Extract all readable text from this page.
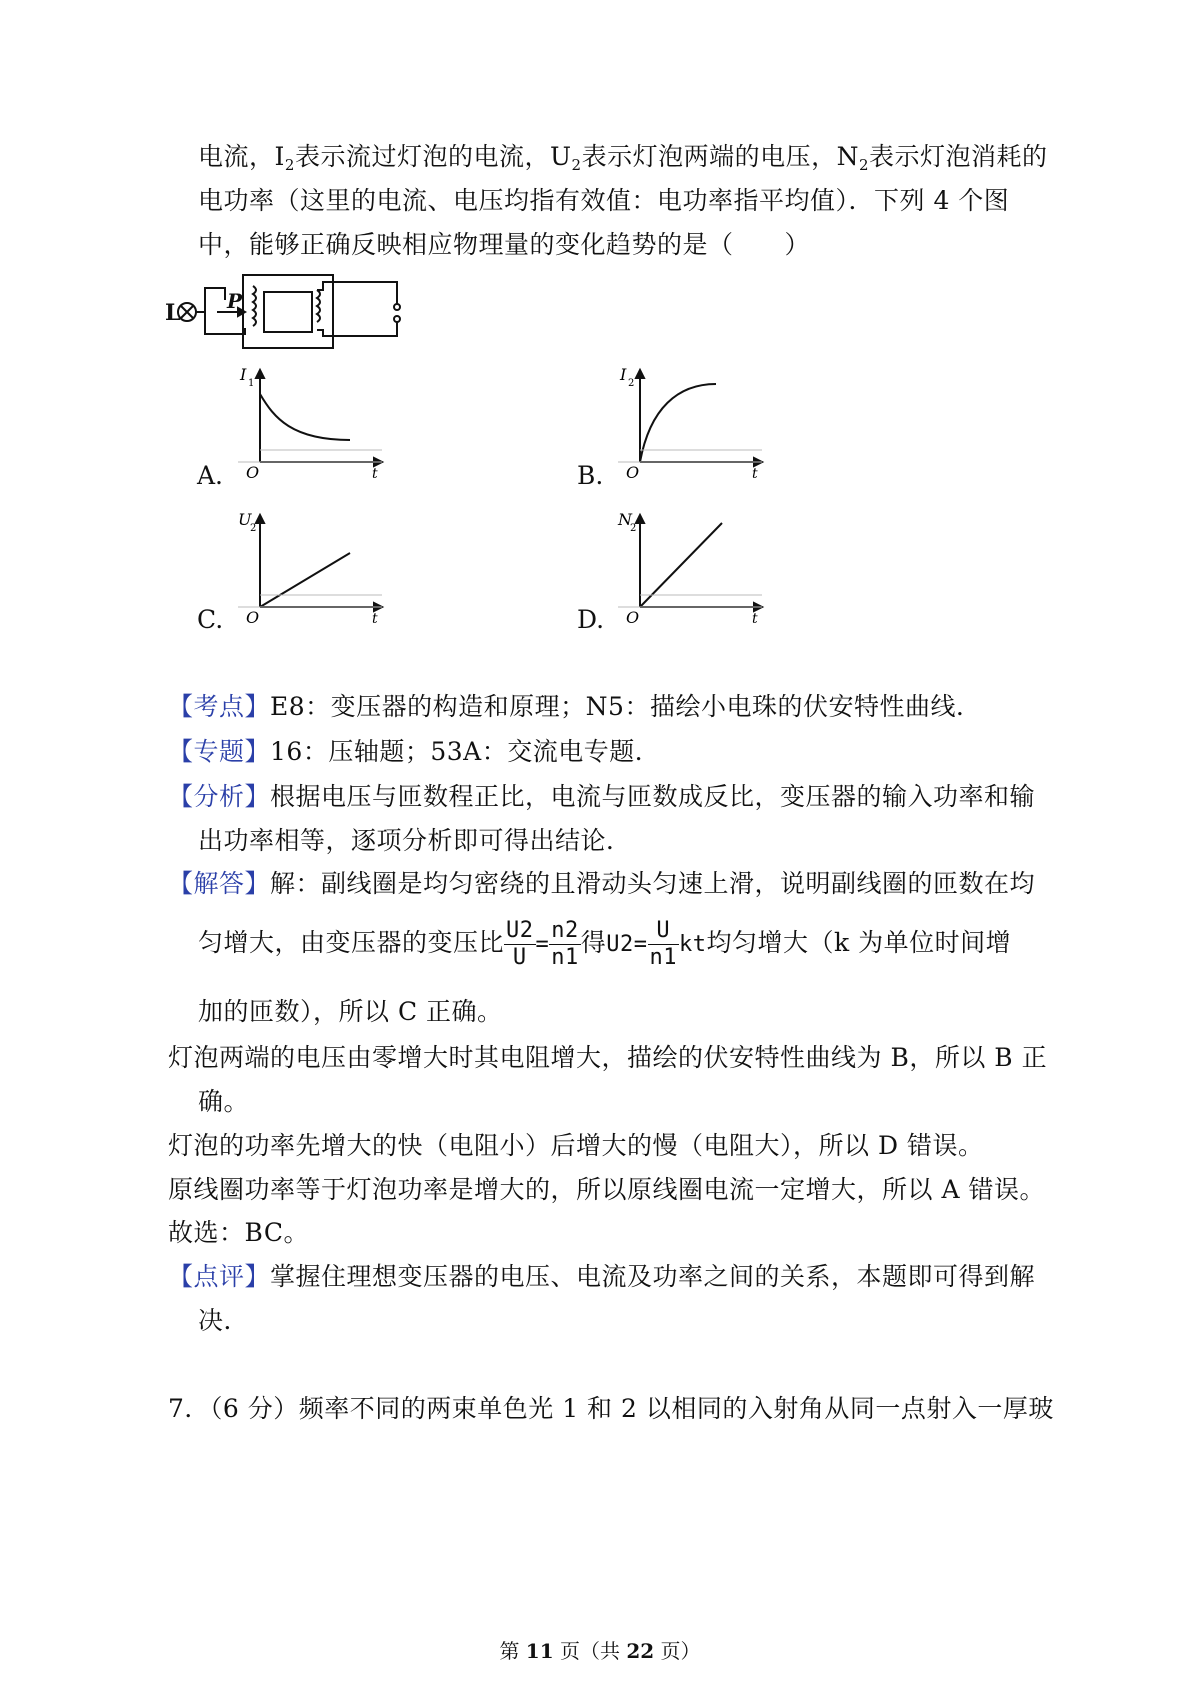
电流，$I_2$表示流过灯泡的电流，$U_2$表示灯泡两端的电压，$N_2$表示灯泡消耗的
电功率（这里的电流、电压均指有效值：电功率指平均值）．下列 4 个图
中，能够正确反映相应物理量的变化趋势的是（　　）
L P
A.
I 1
O	t	B.
I 2
O	t
C.
U
2
O	t	D.
N
2
O	t
【考点】E8：变压器的构造和原理；N5：描绘小电珠的伏安特性曲线．
【专题】16：压轴题；53A：交流电专题．
【分析】根据电压与匝数程正比，电流与匝数成反比，变压器的输入功率和输
出功率相等，逐项分析即可得出结论．
【解答】解：副线圈是均匀密绕的且滑动头匀速上滑，说明副线圈的匝数在均
匀增大，由变压器的变压比 $\frac{U2}{U} = \frac{n2}{n1}$ 得$U2= \frac{U}{n1}$ kt均匀增大（k 为单位时间增
加的匝数），所以 C 正确。
灯泡两端的电压由零增大时其电阻增大，描绘的伏安特性曲线为 B，所以 B 正
确。
灯泡的功率先增大的快（电阻小）后增大的慢（电阻大），所以 D 错误。
原线圈功率等于灯泡功率是增大的，所以原线圈电流一定增大，所以 A 错误。
故选：BC。
【点评】掌握住理想变压器的电压、电流及功率之间的关系，本题即可得到解
决．
7．（6 分）频率不同的两束单色光 1 和 2 以相同的入射角从同一点射入一厚玻
第 11 页（共 22 页）
